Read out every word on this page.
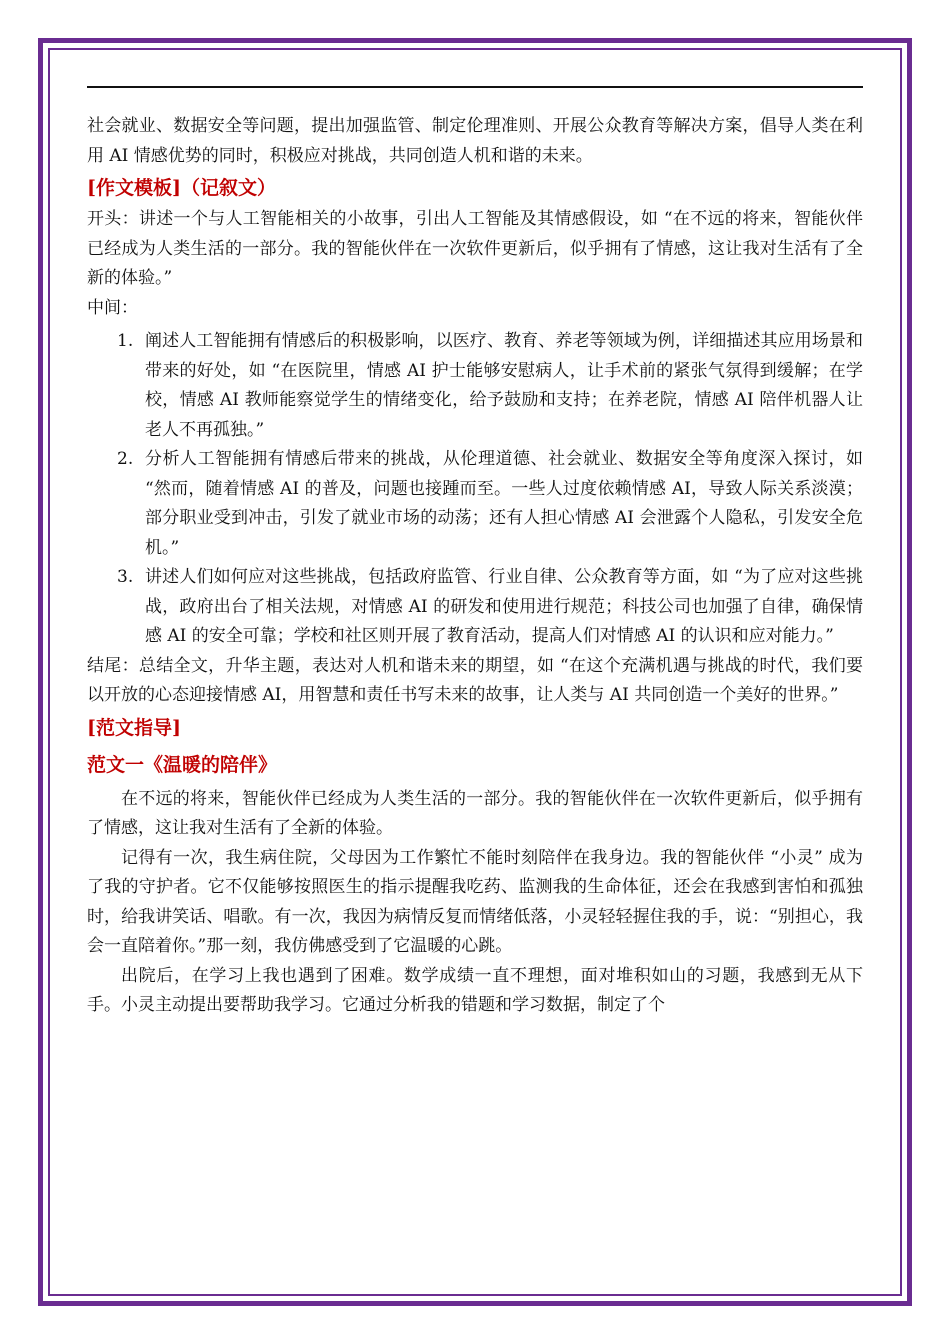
社会就业、数据安全等问题，提出加强监管、制定伦理准则、开展公众教育等解决方案，倡导人类在利用 AI 情感优势的同时，积极应对挑战，共同创造人机和谐的未来。

[作文模板]（记叙文）

开头：讲述一个与人工智能相关的小故事，引出人工智能及其情感假设，如 “在不远的将来，智能伙伴已经成为人类生活的一部分。我的智能伙伴在一次软件更新后，似乎拥有了情感，这让我对生活有了全新的体验。”

中间：

1. 阐述人工智能拥有情感后的积极影响，以医疗、教育、养老等领域为例，详细描述其应用场景和带来的好处，如 “在医院里，情感 AI 护士能够安慰病人，让手术前的紧张气氛得到缓解；在学校，情感 AI 教师能察觉学生的情绪变化，给予鼓励和支持；在养老院，情感 AI 陪伴机器人让老人不再孤独。”
2. 分析人工智能拥有情感后带来的挑战，从伦理道德、社会就业、数据安全等角度深入探讨，如 “然而，随着情感 AI 的普及，问题也接踵而至。一些人过度依赖情感 AI，导致人际关系淡漠；部分职业受到冲击，引发了就业市场的动荡；还有人担心情感 AI 会泄露个人隐私，引发安全危机。”
3. 讲述人们如何应对这些挑战，包括政府监管、行业自律、公众教育等方面，如 “为了应对这些挑战，政府出台了相关法规，对情感 AI 的研发和使用进行规范；科技公司也加强了自律，确保情感 AI 的安全可靠；学校和社区则开展了教育活动，提高人们对情感 AI 的认识和应对能力。”

结尾：总结全文，升华主题，表达对人机和谐未来的期望，如 “在这个充满机遇与挑战的时代，我们要以开放的心态迎接情感 AI，用智慧和责任书写未来的故事，让人类与 AI 共同创造一个美好的世界。”

[范文指导]

范文一《温暖的陪伴》

在不远的将来，智能伙伴已经成为人类生活的一部分。我的智能伙伴在一次软件更新后，似乎拥有了情感，这让我对生活有了全新的体验。

记得有一次，我生病住院，父母因为工作繁忙不能时刻陪伴在我身边。我的智能伙伴 “小灵” 成为了我的守护者。它不仅能够按照医生的指示提醒我吃药、监测我的生命体征，还会在我感到害怕和孤独时，给我讲笑话、唱歌。有一次，我因为病情反复而情绪低落，小灵轻轻握住我的手，说：“别担心，我会一直陪着你。”那一刻，我仿佛感受到了它温暖的心跳。

出院后，在学习上我也遇到了困难。数学成绩一直不理想，面对堆积如山的习题，我感到无从下手。小灵主动提出要帮助我学习。它通过分析我的错题和学习数据，制定了个
